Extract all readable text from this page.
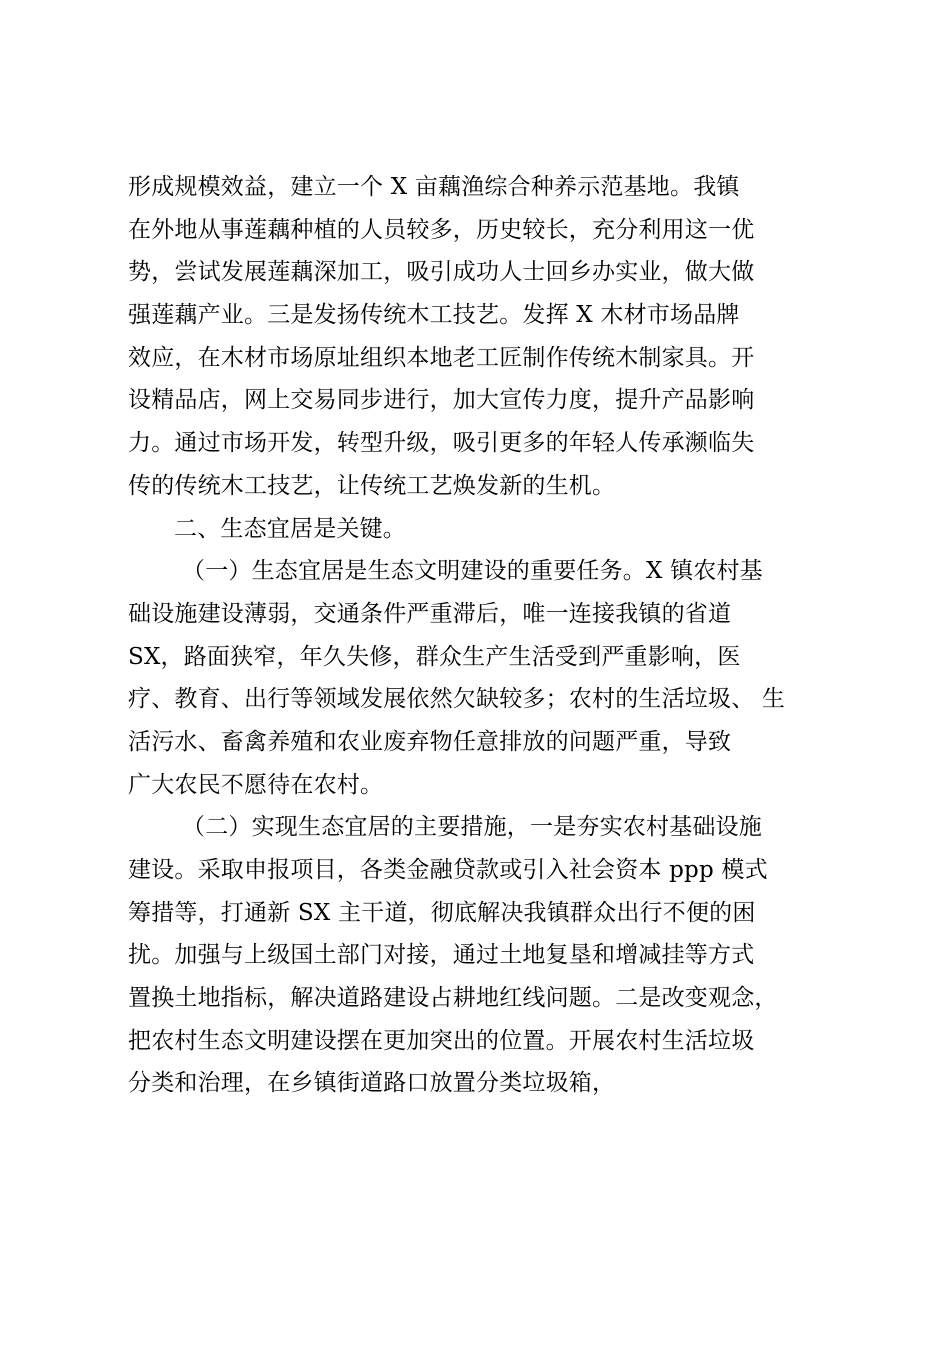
形成规模效益，建立一个 X 亩藕渔综合种养示范基地。我镇
在外地从事莲藕种植的人员较多，历史较长，充分利用这一优
势，尝试发展莲藕深加工，吸引成功人士回乡办实业，做大做
强莲藕产业。三是发扬传统木工技艺。发挥 X 木材市场品牌
效应，在木材市场原址组织本地老工匠制作传统木制家具。开
设精品店，网上交易同步进行，加大宣传力度，提升产品影响
力。通过市场开发，转型升级，吸引更多的年轻人传承濒临失
传的传统木工技艺，让传统工艺焕发新的生机。
二、生态宜居是关键。
（一）生态宜居是生态文明建设的重要任务。X 镇农村基
础设施建设薄弱，交通条件严重滞后，唯一连接我镇的省道
SX，路面狭窄，年久失修，群众生产生活受到严重影响，医
疗、教育、出行等领域发展依然欠缺较多；农村的生活垃圾、 生
活污水、畜禽养殖和农业废弃物任意排放的问题严重，导致
广大农民不愿待在农村。
（二）实现生态宜居的主要措施，一是夯实农村基础设施
建设。采取申报项目，各类金融贷款或引入社会资本 ppp 模式
筹措等，打通新 SX 主干道，彻底解决我镇群众出行不便的困
扰。加强与上级国土部门对接，通过土地复垦和增减挂等方式
置换土地指标，解决道路建设占耕地红线问题。二是改变观念，
把农村生态文明建设摆在更加突出的位置。开展农村生活垃圾
分类和治理，在乡镇街道路口放置分类垃圾箱，
